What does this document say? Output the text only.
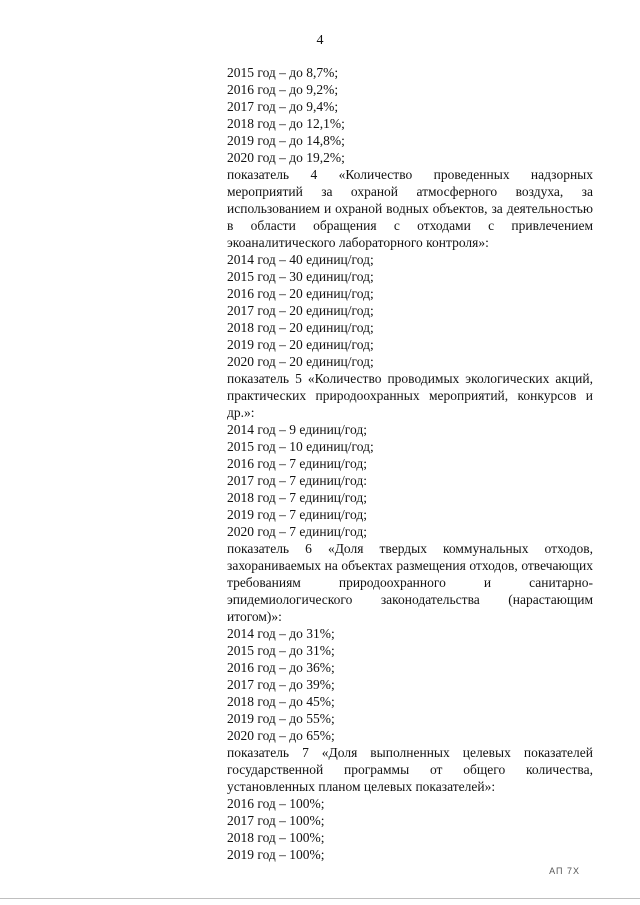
4
2015 год – до 8,7%;
2016 год – до 9,2%;
2017 год – до 9,4%;
2018 год – до 12,1%;
2019 год – до 14,8%;
2020 год – до 19,2%;
показатель 4 «Количество проведенных надзорных мероприятий за охраной атмосферного воздуха, за использованием и охраной водных объектов, за деятельностью в области обращения с отходами с привлечением экоаналитического лабораторного контроля»:
2014 год – 40 единиц/год;
2015 год – 30 единиц/год;
2016 год – 20 единиц/год;
2017 год – 20 единиц/год;
2018 год – 20 единиц/год;
2019 год – 20 единиц/год;
2020 год – 20 единиц/год;
показатель 5 «Количество проводимых экологических акций, практических природоохранных мероприятий, конкурсов и др.»:
2014 год – 9 единиц/год;
2015 год – 10 единиц/год;
2016 год – 7 единиц/год;
2017 год – 7 единиц/год:
2018 год – 7 единиц/год;
2019 год – 7 единиц/год;
2020 год – 7 единиц/год;
показатель 6 «Доля твердых коммунальных отходов, захораниваемых на объектах размещения отходов, отвечающих требованиям природоохранного и санитарно-эпидемиологического законодательства (нарастающим итогом)»:
2014 год – до 31%;
2015 год – до 31%;
2016 год – до 36%;
2017 год – до 39%;
2018 год – до 45%;
2019 год – до 55%;
2020 год – до 65%;
показатель 7 «Доля выполненных целевых показателей государственной программы от общего количества, установленных планом целевых показателей»:
2016 год – 100%;
2017 год – 100%;
2018 год – 100%;
2019 год – 100%;
АП 7Х
